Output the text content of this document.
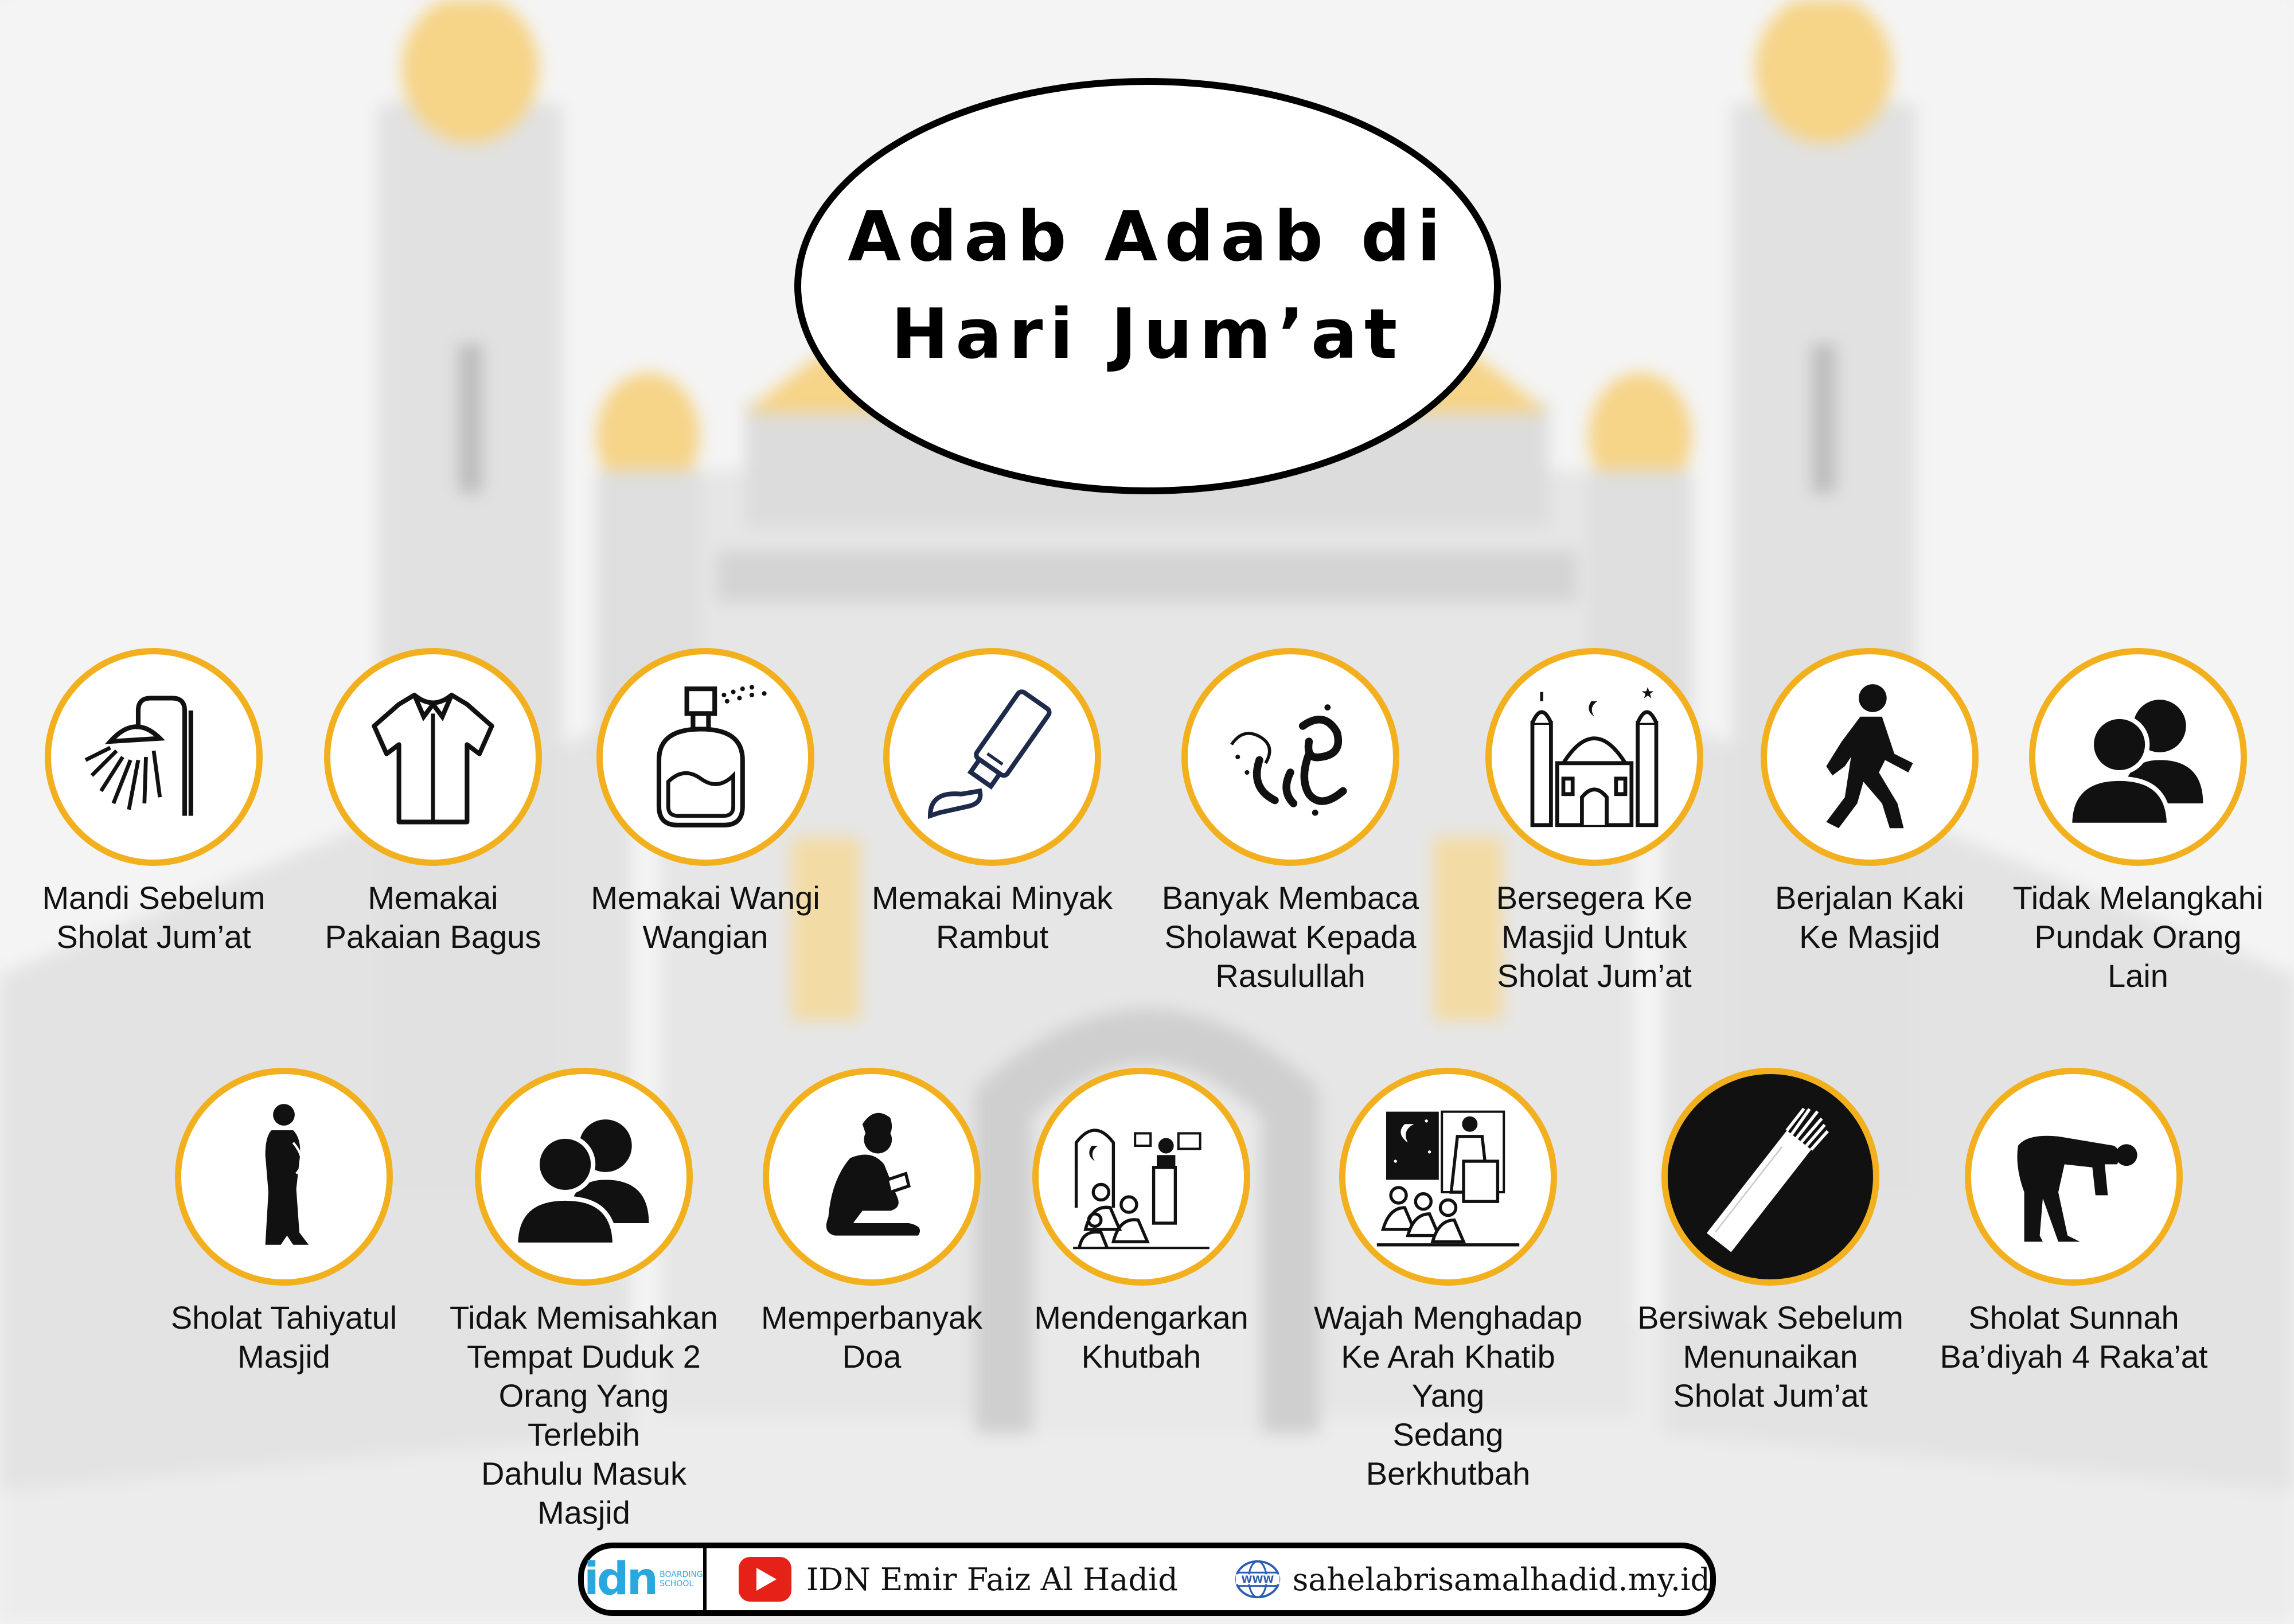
Adab Adab di
Hari Jum’at
Mandi Sebelum
Sholat Jum’at
Memakai
Pakaian Bagus
Memakai Wangi
Wangian
Memakai Minyak
Rambut
Banyak Membaca
Sholawat Kepada
Rasulullah
★
Bersegera Ke
Masjid Untuk
Sholat Jum’at
Berjalan Kaki
Ke Masjid
Tidak Melangkahi
Pundak Orang
Lain
Sholat Tahiyatul
Masjid
Tidak Memisahkan
Tempat Duduk 2
Orang Yang Terlebih
Dahulu Masuk Masjid
Memperbanyak
Doa
Mendengarkan
Khutbah
Wajah Menghadap
Ke Arah Khatib Yang
Sedang Berkhutbah
Bersiwak Sebelum
Menunaikan
Sholat Jum’at
Sholat Sunnah
Ba’diyah 4 Raka’at
idn BOARDING
SCHOOL	IDN Emir Faiz Al Hadid	WWW sahelabrisamalhadid.my.id
